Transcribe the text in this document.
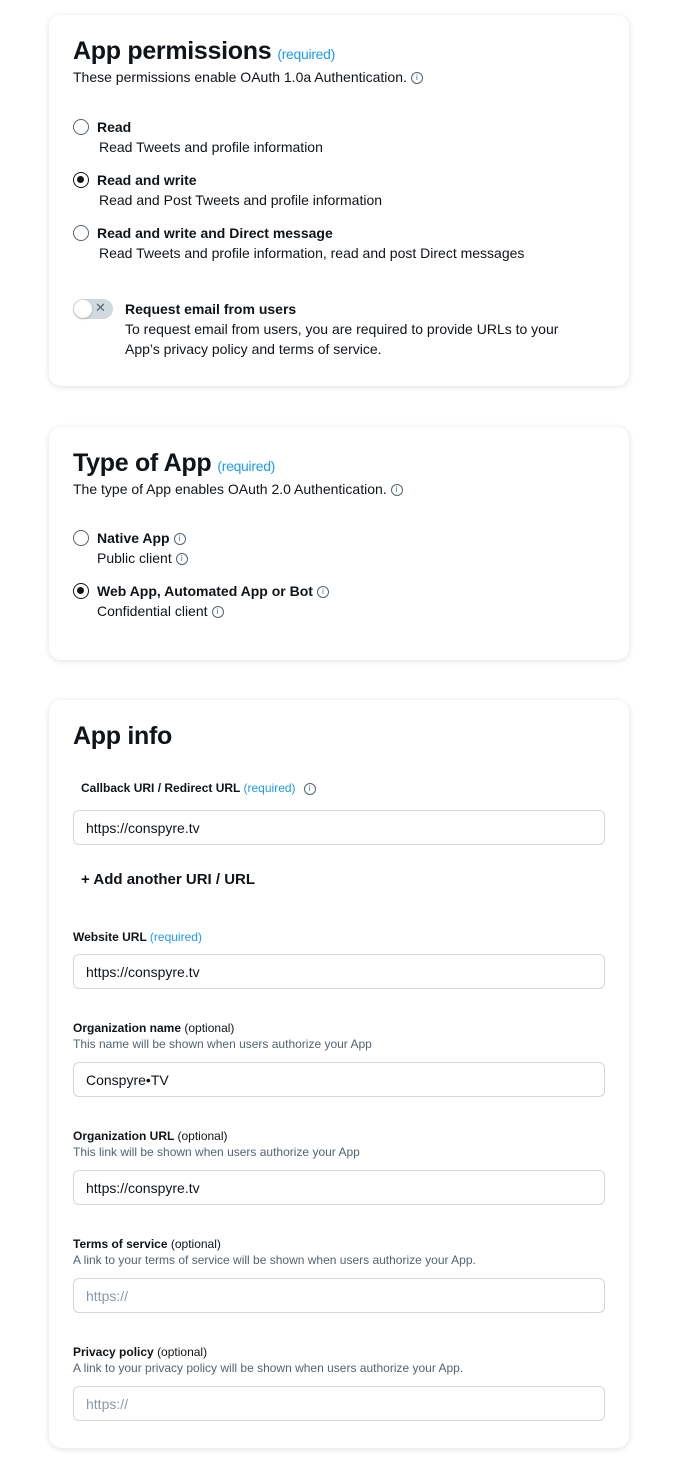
App permissions (required)
These permissions enable OAuth 1.0a Authentication. i
Read
Read Tweets and profile information
Read and write
Read and Post Tweets and profile information
Read and write and Direct message
Read Tweets and profile information, read and post Direct messages
✕ Request email from users
To request email from users, you are required to provide URLs to your
App’s privacy policy and terms of service.
Type of App (required)
The type of App enables OAuth 2.0 Authentication. i
Native App i
Public client i
Web App, Automated App or Bot i
Confidential client i
App info
Callback URI / Redirect URL (required) i
https://conspyre.tv
+ Add another URI / URL
Website URL (required)
https://conspyre.tv
Organization name (optional)
This name will be shown when users authorize your App
Conspyre•TV
Organization URL (optional)
This link will be shown when users authorize your App
https://conspyre.tv
Terms of service (optional)
A link to your terms of service will be shown when users authorize your App.
https://
Privacy policy (optional)
A link to your privacy policy will be shown when users authorize your App.
https://
